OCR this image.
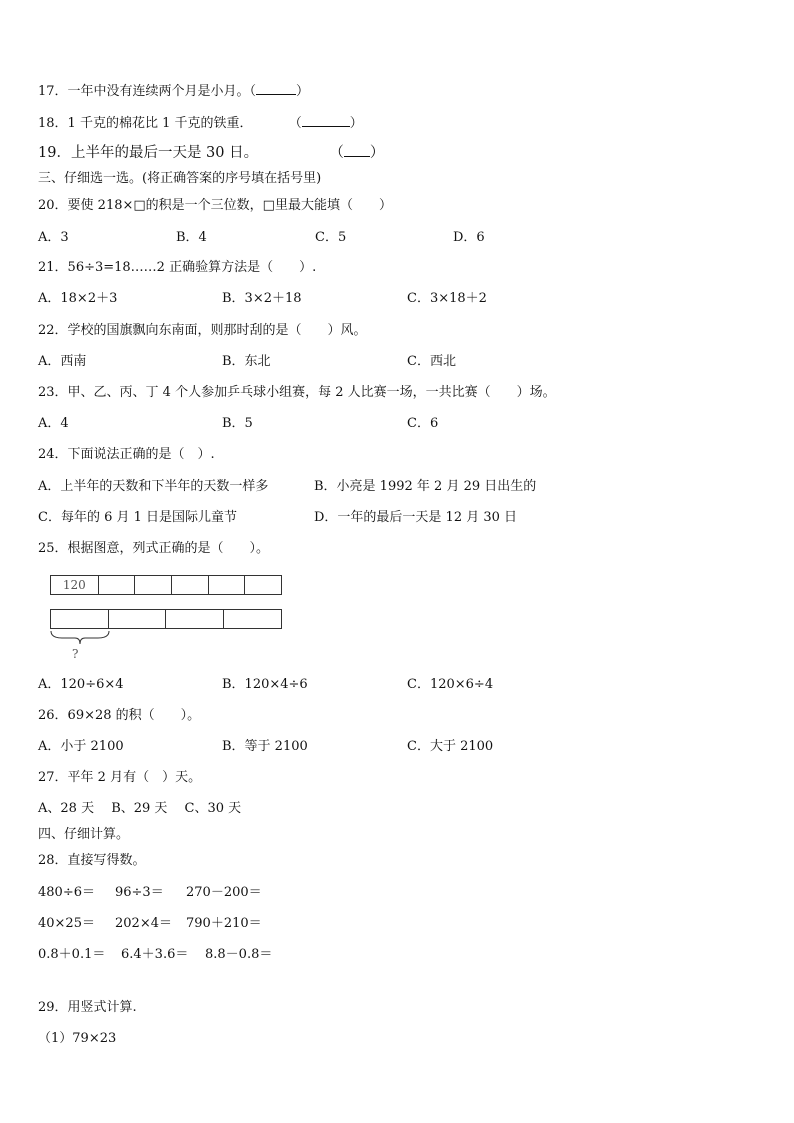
17．一年中没有连续两个月是小月。（	）
18．1 千克的棉花比 1 千克的铁重．	（	）
19．上半年的最后一天是 30 日。	（ ）
三、仔细选一选。(将正确答案的序号填在括号里)
20．要使 218×□的积是一个三位数，□里最大能填（　　）
A．3	B．4	C．5	D．6
21．56÷3=18……2 正确验算方法是（　　）.
A．18×2＋3	B．3×2＋18	C．3×18＋2
22．学校的国旗飘向东南面，则那时刮的是（　　）风。
A．西南	B．东北	C．西北
23．甲、乙、丙、丁 4 个人参加乒乓球小组赛，每 2 人比赛一场，一共比赛（　　）场。
A．4	B．5	C．6
24．下面说法正确的是（　）.
A．上半年的天数和下半年的天数一样多	B．小亮是 1992 年 2 月 29 日出生的
C．每年的 6 月 1 日是国际儿童节	D．一年的最后一天是 12 月 30 日
25．根据图意，列式正确的是（　　）。
120
?
A．120÷6×4	B．120×4÷6	C．120×6÷4
26．69×28 的积（　　）。
A．小于 2100	B．等于 2100	C．大于 2100
27．平年 2 月有（　）天。
A、28 天　 B、29 天　 C、30 天
四、仔细计算。
28．直接写得数。
480÷6＝ 96÷3＝ 270－200＝
40×25＝ 202×4＝ 790＋210＝
0.8＋0.1＝ 6.4＋3.6＝ 8.8－0.8＝
29．用竖式计算.
（1）79×23
